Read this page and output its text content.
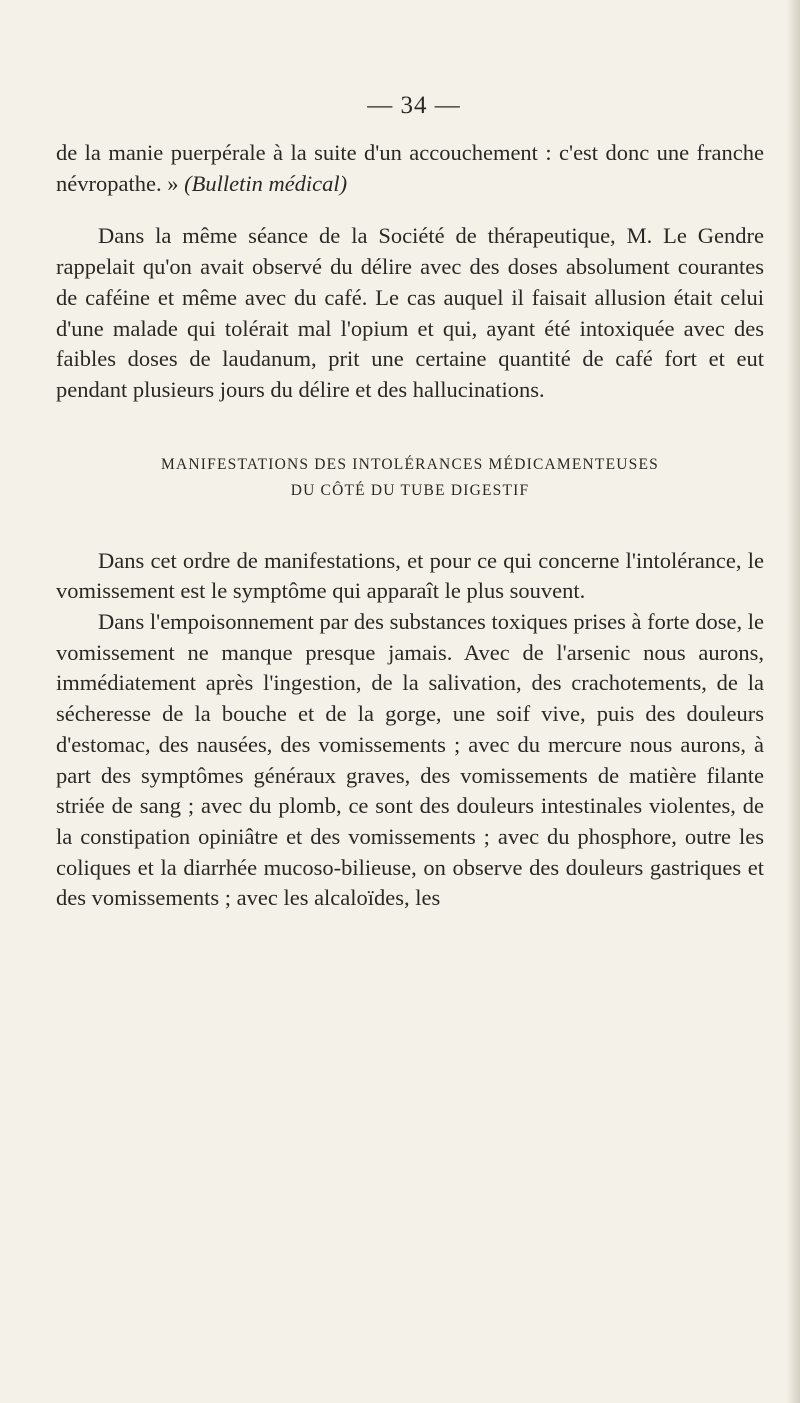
— 34 —

de la manie puerpérale à la suite d'un accouchement : c'est donc une franche névropathe. » (Bulletin médical)

Dans la même séance de la Société de thérapeutique, M. Le Gendre rappelait qu'on avait observé du délire avec des doses absolument courantes de caféine et même avec du café. Le cas auquel il faisait allusion était celui d'une malade qui tolérait mal l'opium et qui, ayant été intoxiquée avec des faibles doses de laudanum, prit une certaine quantité de café fort et eut pendant plusieurs jours du délire et des hallucinations.

MANIFESTATIONS DES INTOLÉRANCES MÉDICAMENTEUSES
DU CÔTÉ DU TUBE DIGESTIF

Dans cet ordre de manifestations, et pour ce qui concerne l'intolérance, le vomissement est le symptôme qui apparaît le plus souvent.

Dans l'empoisonnement par des substances toxiques prises à forte dose, le vomissement ne manque presque jamais. Avec de l'arsenic nous aurons, immédiatement après l'ingestion, de la salivation, des crachotements, de la sécheresse de la bouche et de la gorge, une soif vive, puis des douleurs d'estomac, des nausées, des vomissements ; avec du mercure nous aurons, à part des symptômes généraux graves, des vomissements de matière filante striée de sang ; avec du plomb, ce sont des douleurs intestinales violentes, de la constipation opiniâtre et des vomissements ; avec du phosphore, outre les coliques et la diarrhée mucoso-bilieuse, on observe des douleurs gastriques et des vomissements ; avec les alcaloïdes, les
